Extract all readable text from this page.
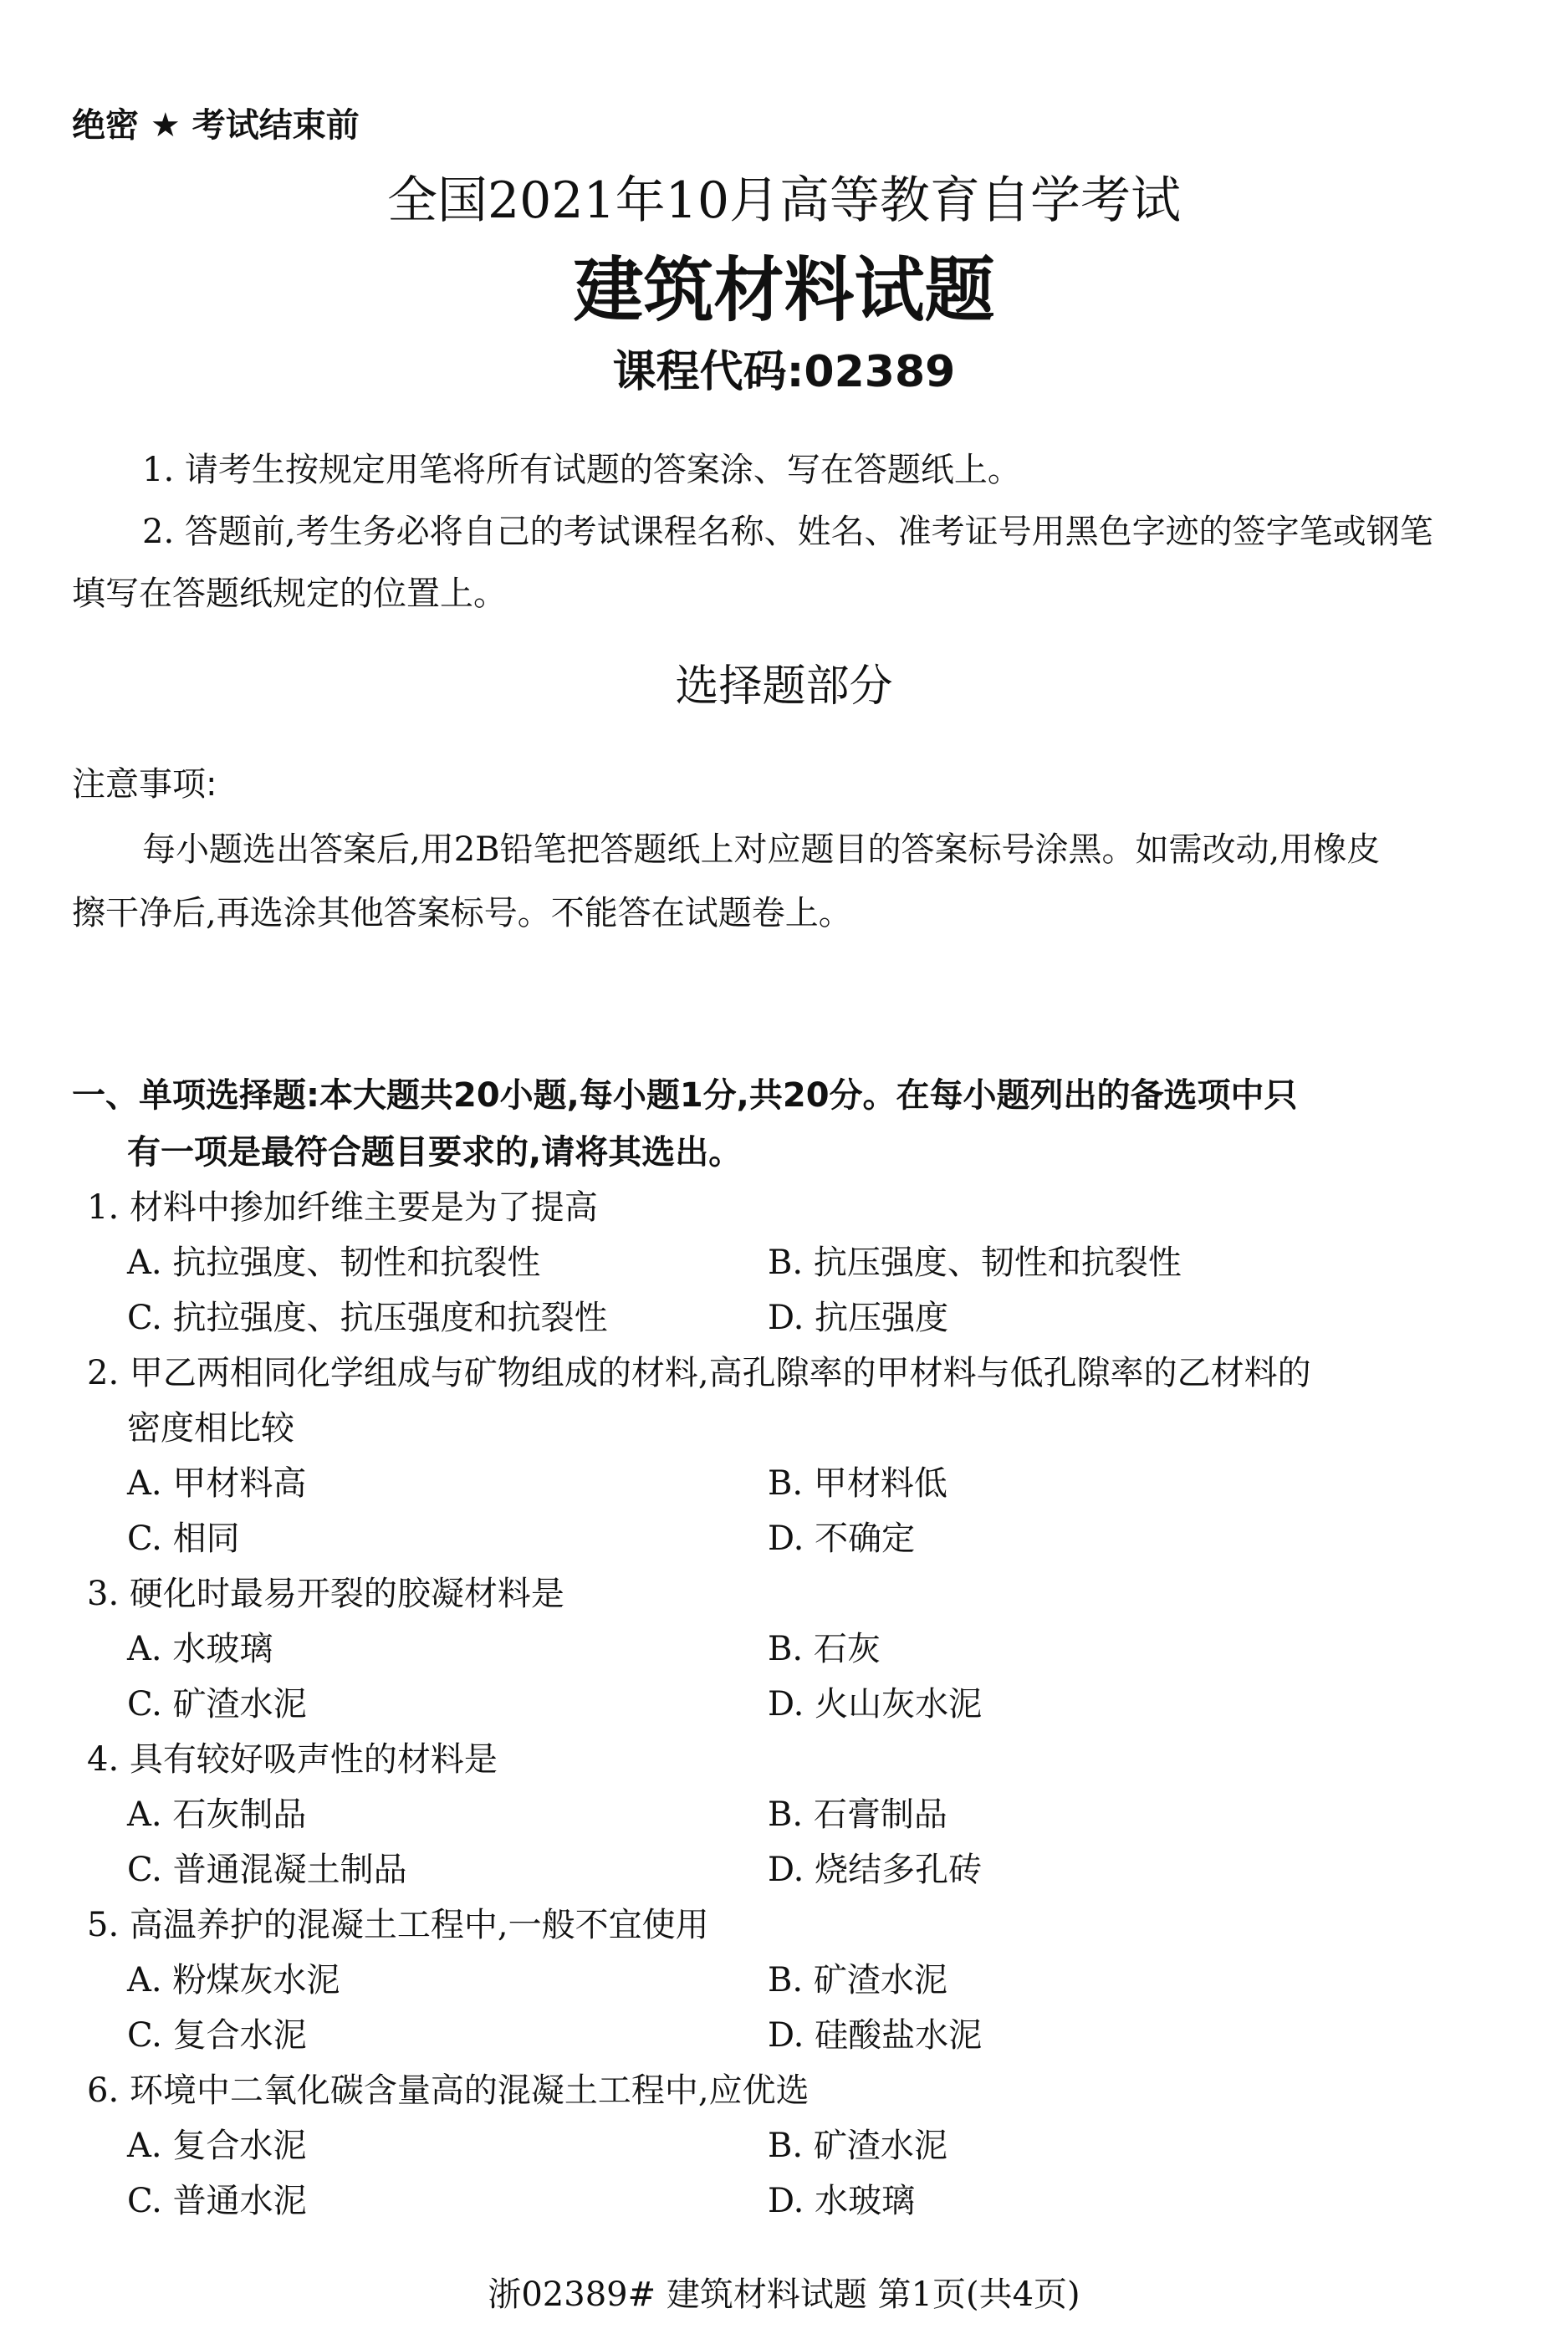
绝密 ★ 考试结束前
全国2021年10月高等教育自学考试
建筑材料试题
课程代码:02389
1. 请考生按规定用笔将所有试题的答案涂、写在答题纸上。
2. 答题前,考生务必将自己的考试课程名称、姓名、准考证号用黑色字迹的签字笔或钢笔
填写在答题纸规定的位置上。
选择题部分
注意事项:
每小题选出答案后,用2B铅笔把答题纸上对应题目的答案标号涂黑。如需改动,用橡皮
擦干净后,再选涂其他答案标号。不能答在试题卷上。
一、单项选择题:本大题共20小题,每小题1分,共20分。在每小题列出的备选项中只
有一项是最符合题目要求的,请将其选出。
1. 材料中掺加纤维主要是为了提高
A. 抗拉强度、韧性和抗裂性	B. 抗压强度、韧性和抗裂性
C. 抗拉强度、抗压强度和抗裂性	D. 抗压强度
2. 甲乙两相同化学组成与矿物组成的材料,高孔隙率的甲材料与低孔隙率的乙材料的
密度相比较
A. 甲材料高	B. 甲材料低
C. 相同	D. 不确定
3. 硬化时最易开裂的胶凝材料是
A. 水玻璃	B. 石灰
C. 矿渣水泥	D. 火山灰水泥
4. 具有较好吸声性的材料是
A. 石灰制品	B. 石膏制品
C. 普通混凝土制品	D. 烧结多孔砖
5. 高温养护的混凝土工程中,一般不宜使用
A. 粉煤灰水泥	B. 矿渣水泥
C. 复合水泥	D. 硅酸盐水泥
6. 环境中二氧化碳含量高的混凝土工程中,应优选
A. 复合水泥	B. 矿渣水泥
C. 普通水泥	D. 水玻璃
浙02389# 建筑材料试题 第1页(共4页)
